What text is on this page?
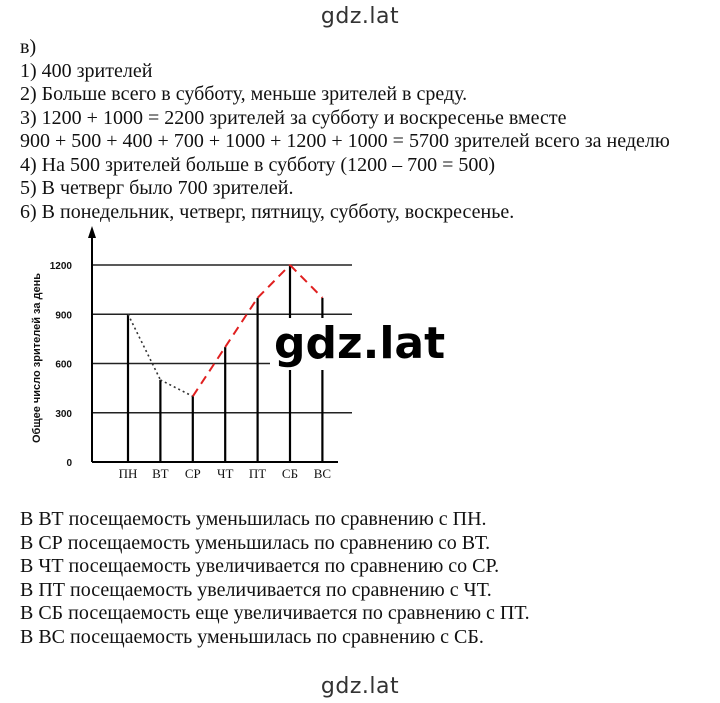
gdz.lat
в)
1) 400 зрителей
2) Больше всего в субботу, меньше зрителей в среду.
3) 1200 + 1000 = 2200 зрителей за субботу и воскресенье вместе
900 + 500 + 400 + 700 + 1000 + 1200 + 1000 = 5700 зрителей всего за неделю
4) На 500 зрителей больше в субботу (1200 – 700 = 500)
5) В четверг было 700 зрителей.
6) В понедельник, четверг, пятницу, субботу, воскресенье.
0
300
600
900
1200
ПН ВТ СР ЧТ ПТ СБ ВС
Общее число зрителей за день	gdz.lat
В ВТ посещаемость уменьшилась по сравнению с ПН.
В СР посещаемость уменьшилась по сравнению со ВТ.
В ЧТ посещаемость увеличивается по сравнению со СР.
В ПТ посещаемость увеличивается по сравнению с ЧТ.
В СБ посещаемость еще увеличивается по сравнению с ПТ.
В ВС посещаемость уменьшилась по сравнению с СБ.
gdz.lat
